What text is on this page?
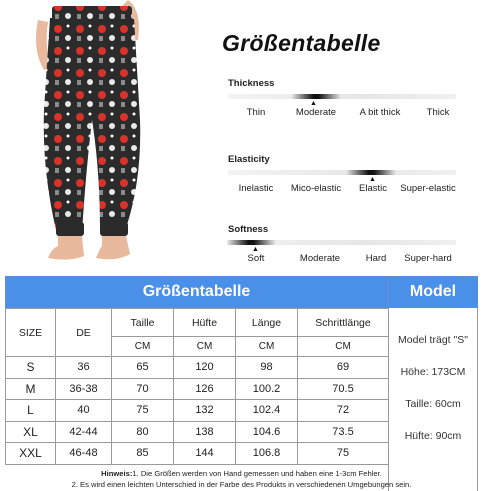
Größentabelle
Thickness
▲
Thin	Moderate A bit thick	Thick
Elasticity
▲
Inelastic Mico-elastic Elastic Super-elastic
Softness
▲
Soft	Moderate	Hard Super-hard
Größentabelle
SIZE	DE	Taille	Hüfte	Länge	Schrittlänge
		CM	CM	CM	CM
S	36	65	120	98	69
M	36-38	70	126	100.2	70.5
L	40	75	132	102.4	72
XL	42-44	80	138	104.6	73.5
XXL	46-48	85	144	106.8	75
Model
Model trägt "S"
Höhe: 173CM
Taille: 60cm
Hüfte: 90cm
Hinweis:1. Die Größen werden von Hand gemessen und haben eine 1-3cm Fehler.
2. Es wird einen leichten Unterschied in der Farbe des Produkts in verschiedenen Umgebungen sein.
